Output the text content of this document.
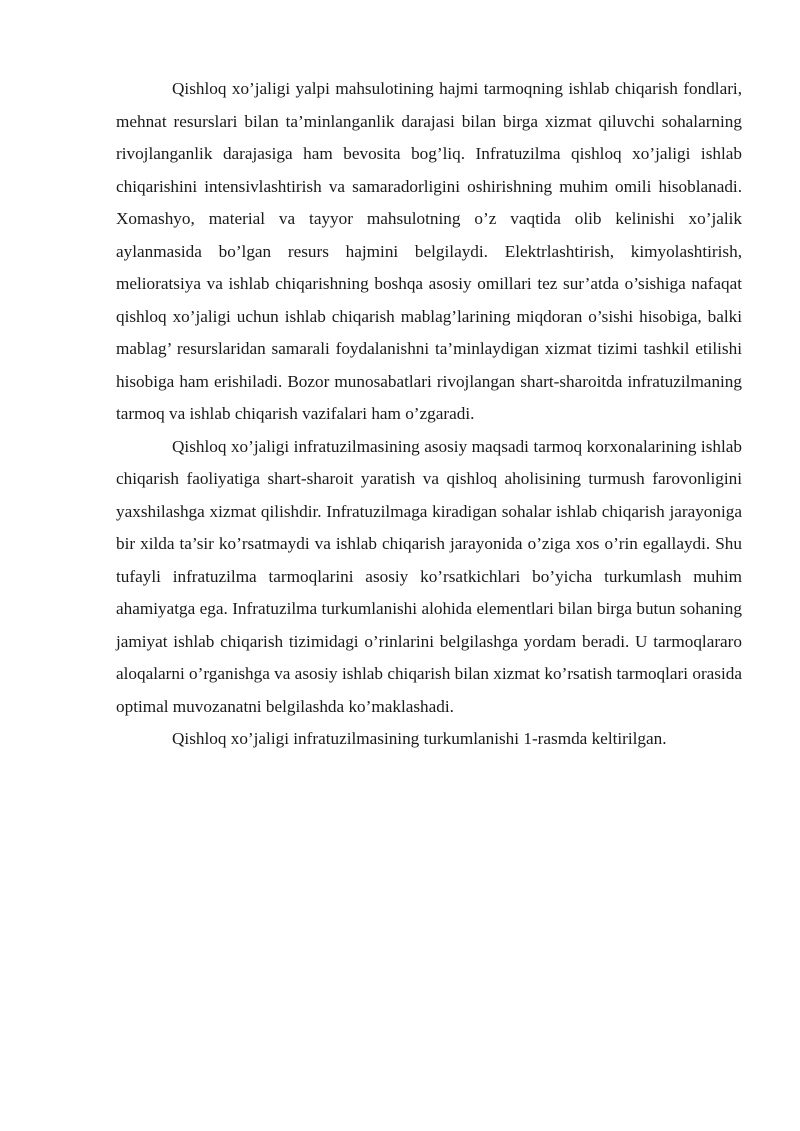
Qishloq xo’jaligi yalpi mahsulotining hajmi tarmoqning ishlab chiqarish fondlari, mehnat resurslari bilan ta’minlanganlik darajasi bilan birga xizmat qiluvchi sohalarning rivojlanganlik darajasiga ham bevosita bog’liq. Infratuzilma qishloq xo’jaligi ishlab chiqarishini intensivlashtirish va samaradorligini oshirishning muhim omili hisoblanadi. Xomashyo, material va tayyor mahsulotning o’z vaqtida olib kelinishi xo’jalik aylanmasida bo’lgan resurs hajmini belgilaydi. Elektrlashtirish, kimyolashtirish, melioratsiya va ishlab chiqarishning boshqa asosiy omillari tez sur’atda o’sishiga nafaqat qishloq xo’jaligi uchun ishlab chiqarish mablag’larining miqdoran o’sishi hisobiga, balki mablag’ resurslaridan samarali foydalanishni ta’minlaydigan xizmat tizimi tashkil etilishi hisobiga ham erishiladi. Bozor munosabatlari rivojlangan shart-sharoitda infratuzilmaning tarmoq va ishlab chiqarish vazifalari ham o’zgaradi.

Qishloq xo’jaligi infratuzilmasining asosiy maqsadi tarmoq korxonalarining ishlab chiqarish faoliyatiga shart-sharoit yaratish va qishloq aholisining turmush farovonligini yaxshilashga xizmat qilishdir. Infratuzilmaga kiradigan sohalar ishlab chiqarish jarayoniga bir xilda ta’sir ko’rsatmaydi va ishlab chiqarish jarayonida o’ziga xos o’rin egallaydi. Shu tufayli infratuzilma tarmoqlarini asosiy ko’rsatkichlari bo’yicha turkumlash muhim ahamiyatga ega. Infratuzilma turkumlanishi alohida elementlari bilan birga butun sohaning jamiyat ishlab chiqarish tizimidagi o’rinlarini belgilashga yordam beradi. U tarmoqlararo aloqalarni o’rganishga va asosiy ishlab chiqarish bilan xizmat ko’rsatish tarmoqlari orasida optimal muvozanatni belgilashda ko’maklashadi.

Qishloq xo’jaligi infratuzilmasining turkumlanishi 1-rasmda keltirilgan.
